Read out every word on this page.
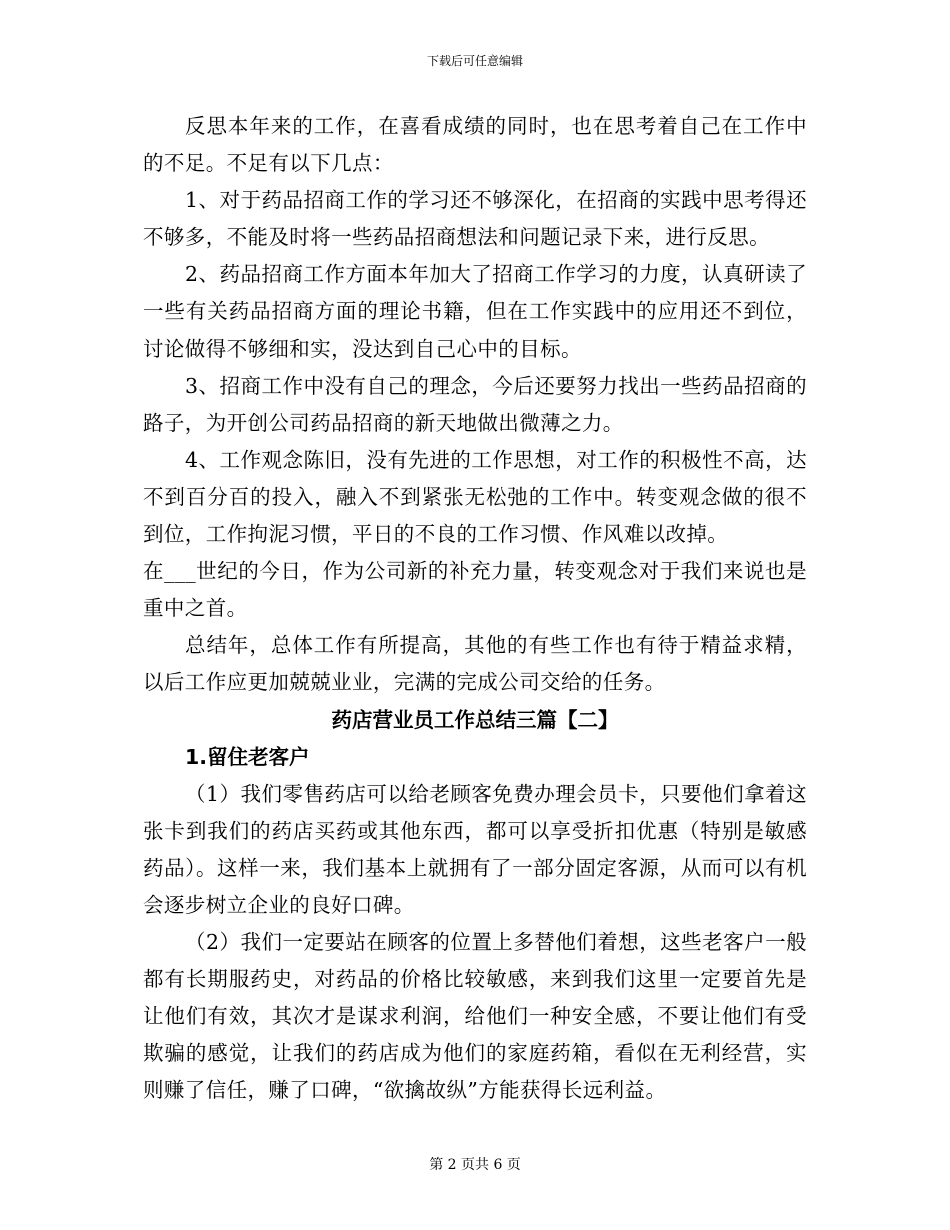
下载后可任意编辑

反思本年来的工作，在喜看成绩的同时，也在思考着自己在工作中的不足。不足有以下几点：

1、对于药品招商工作的学习还不够深化，在招商的实践中思考得还不够多，不能及时将一些药品招商想法和问题记录下来，进行反思。

2、药品招商工作方面本年加大了招商工作学习的力度，认真研读了一些有关药品招商方面的理论书籍，但在工作实践中的应用还不到位，讨论做得不够细和实，没达到自己心中的目标。

3、招商工作中没有自己的理念，今后还要努力找出一些药品招商的路子，为开创公司药品招商的新天地做出微薄之力。

4、工作观念陈旧，没有先进的工作思想，对工作的积极性不高，达不到百分百的投入，融入不到紧张无松弛的工作中。转变观念做的很不到位，工作拘泥习惯，平日的不良的工作习惯、作风难以改掉。

在___世纪的今日，作为公司新的补充力量，转变观念对于我们来说也是重中之首。

总结年，总体工作有所提高，其他的有些工作也有待于精益求精，以后工作应更加兢兢业业，完满的完成公司交给的任务。

药店营业员工作总结三篇【二】

1.留住老客户

（1）我们零售药店可以给老顾客免费办理会员卡，只要他们拿着这张卡到我们的药店买药或其他东西，都可以享受折扣优惠（特别是敏感药品）。这样一来，我们基本上就拥有了一部分固定客源，从而可以有机会逐步树立企业的良好口碑。

（2）我们一定要站在顾客的位置上多替他们着想，这些老客户一般都有长期服药史，对药品的价格比较敏感，来到我们这里一定要首先是让他们有效，其次才是谋求利润，给他们一种安全感，不要让他们有受欺骗的感觉，让我们的药店成为他们的家庭药箱，看似在无利经营，实则赚了信任，赚了口碑，“欲擒故纵”方能获得长远利益。

第 2 页共 6 页
